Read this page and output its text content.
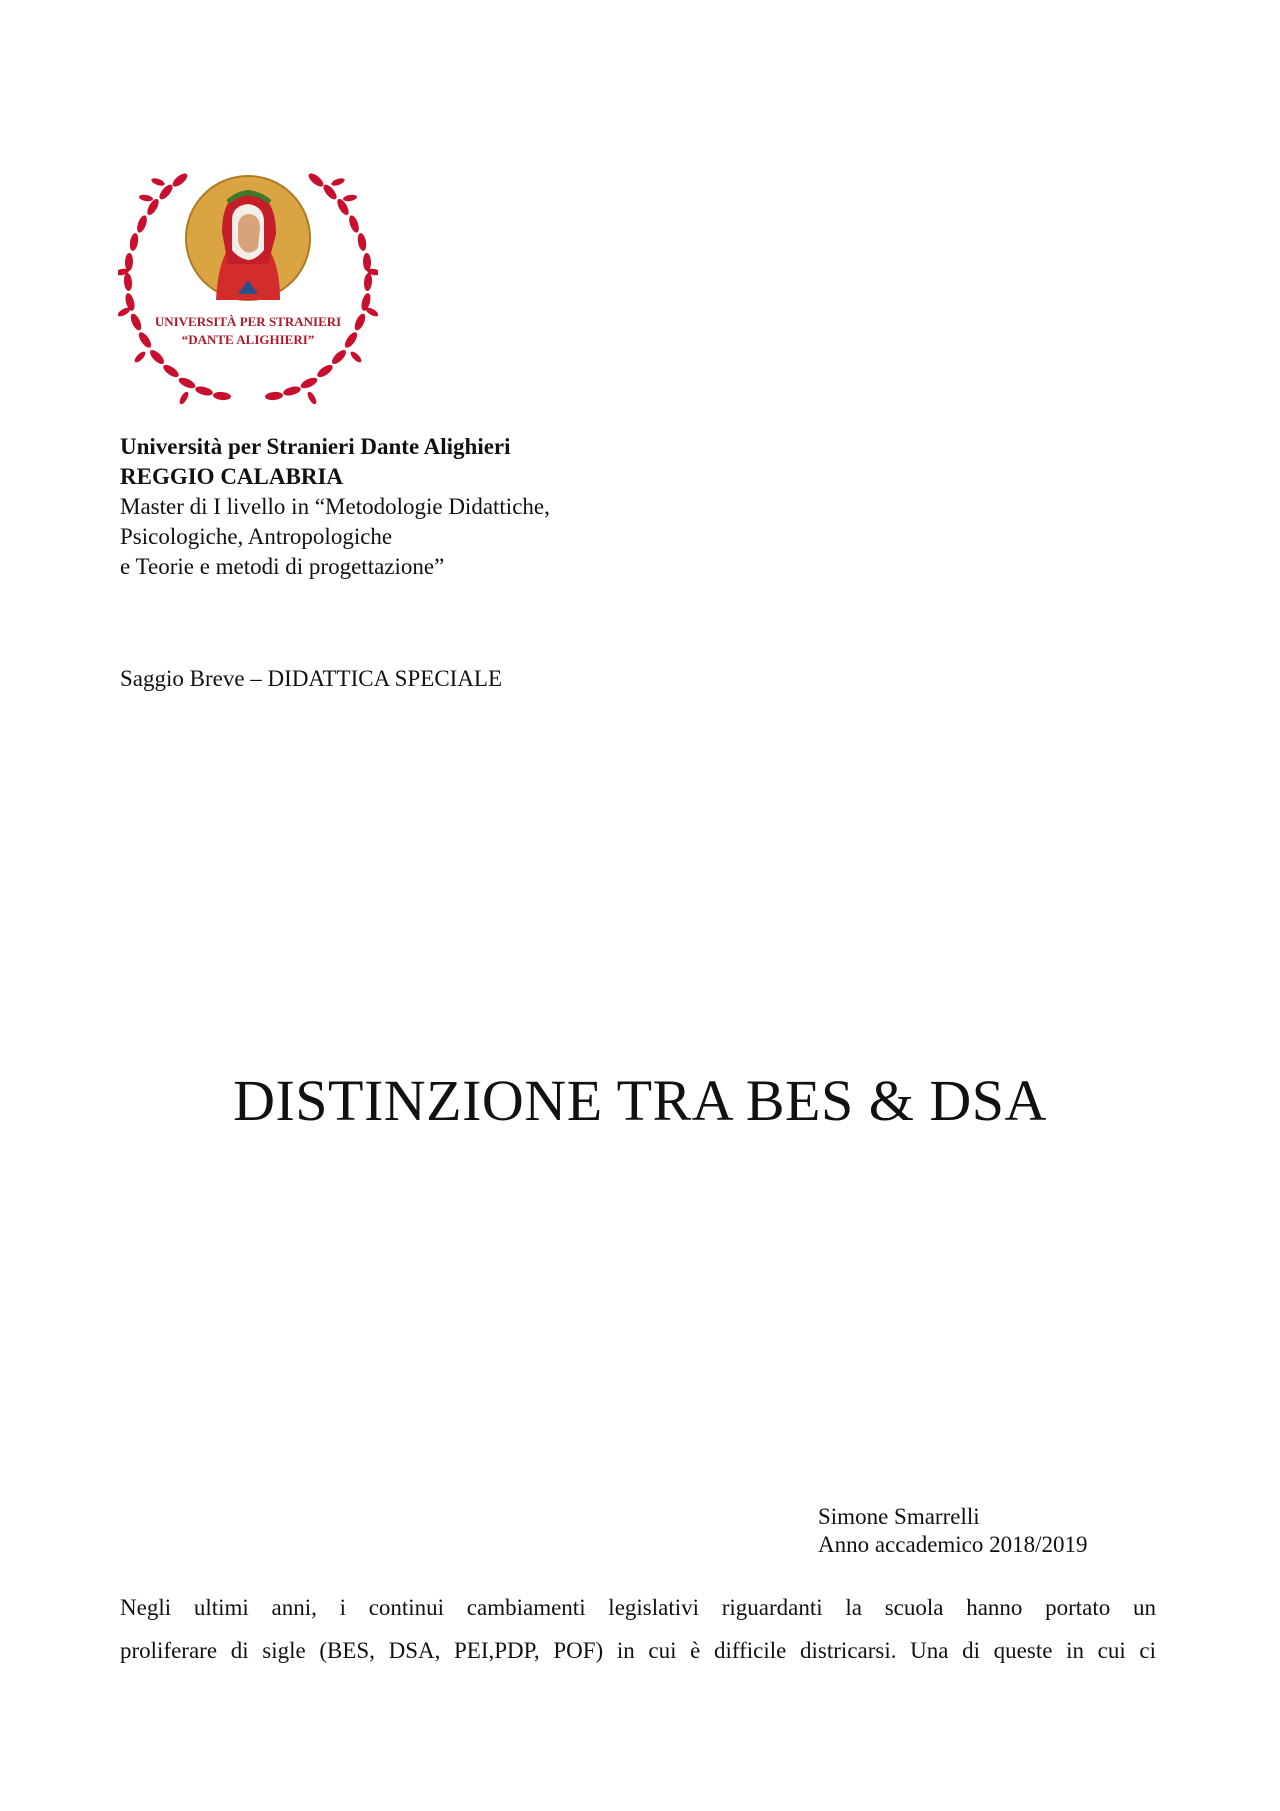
UNIVERSITÀ PER STRANIERI
“DANTE ALIGHIERI”
Università per Stranieri Dante Alighieri
REGGIO CALABRIA
Master di I livello in “Metodologie Didattiche,
Psicologiche, Antropologiche
e Teorie e metodi di progettazione”
Saggio Breve – DIDATTICA SPECIALE
DISTINZIONE TRA BES & DSA
Simone Smarrelli
Anno accademico 2018/2019
Negli ultimi anni, i continui cambiamenti legislativi riguardanti la scuola hanno portato un
proliferare di sigle (BES, DSA, PEI,PDP, POF) in cui è difficile districarsi. Una di queste in cui ci
